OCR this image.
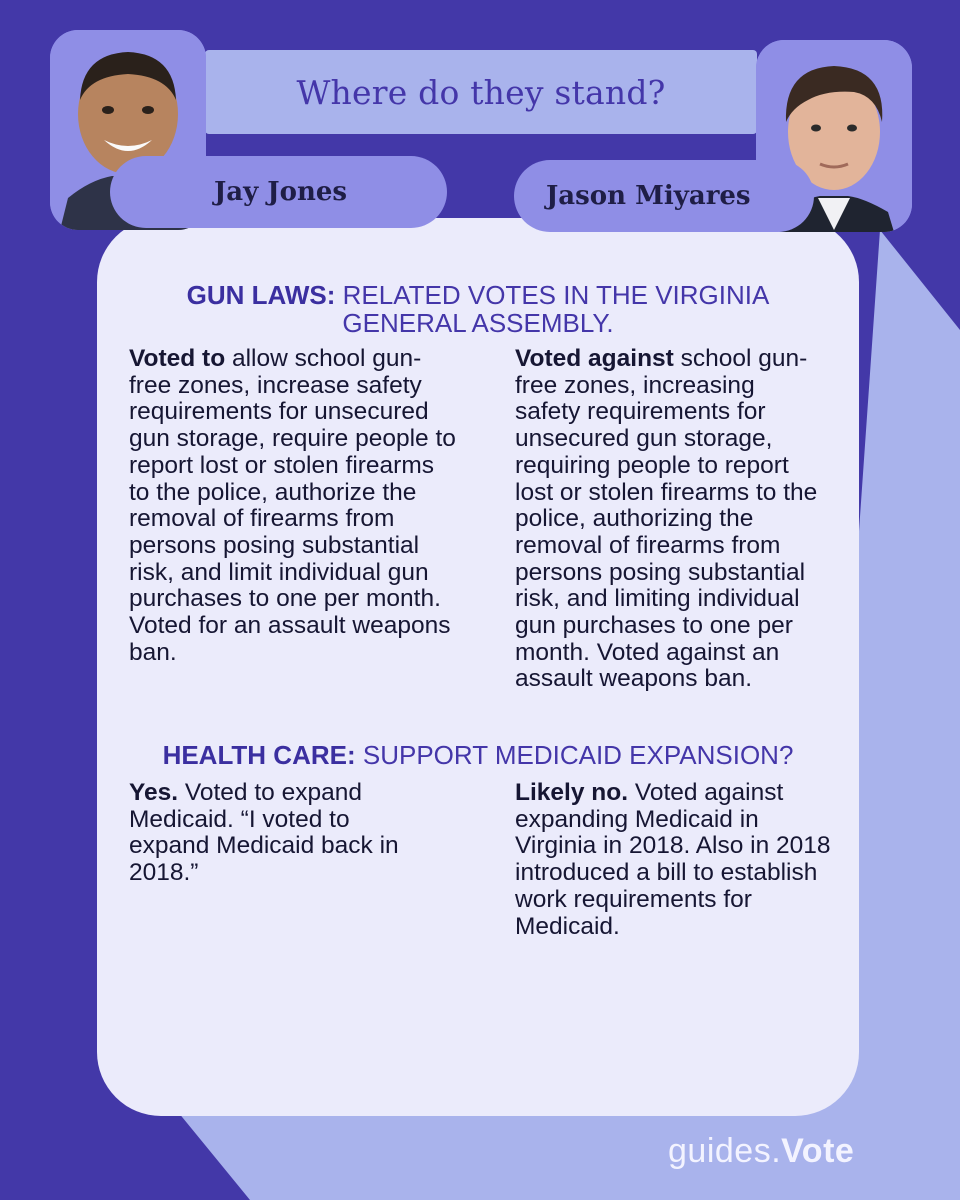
Where do they stand?
Jay Jones	Jason Miyares
GUN LAWS: RELATED VOTES IN THE VIRGINIA GENERAL ASSEMBLY.
Voted to allow school gun-free zones, increase safety requirements for unsecured gun storage, require people to report lost or stolen firearms to the police, authorize the removal of firearms from persons posing substantial risk, and limit individual gun purchases to one per month. Voted for an assault weapons ban.
Voted against school gun-free zones, increasing safety requirements for unsecured gun storage, requiring people to report lost or stolen firearms to the police, authorizing the removal of firearms from persons posing substantial risk, and limiting individual gun purchases to one per month. Voted against an assault weapons ban.
HEALTH CARE: SUPPORT MEDICAID EXPANSION?
Yes. Voted to expand Medicaid. “I voted to expand Medicaid back in 2018.”
Likely no. Voted against expanding Medicaid in Virginia in 2018. Also in 2018 introduced a bill to establish work requirements for Medicaid.
guides.Vote
